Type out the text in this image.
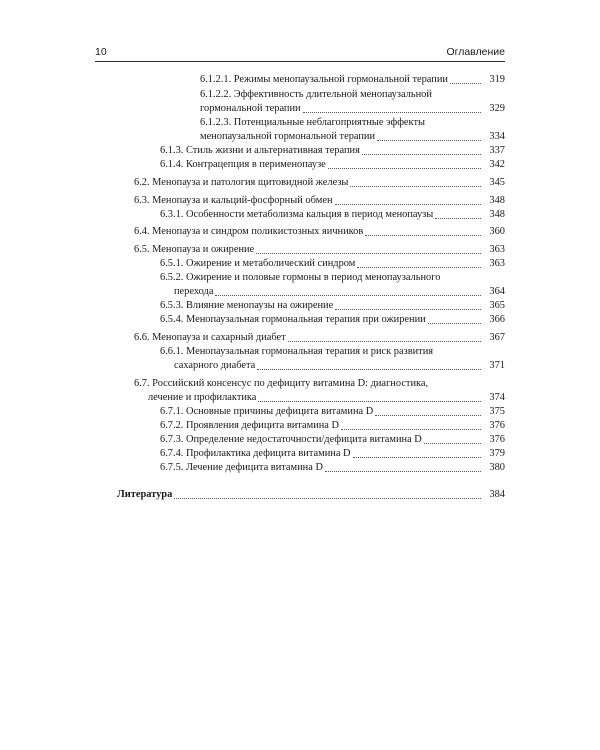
10	Оглавление
6.1.2.1. Режимы менопаузальной гормональной терапии	319
6.1.2.2. Эффективность длительной менопаузальной
гормональной терапии	329
6.1.2.3. Потенциальные неблагоприятные эффекты
менопаузальной гормональной терапии	334
6.1.3. Стиль жизни и альтернативная терапия	337
6.1.4. Контрацепция в перименопаузе	342
6.2. Менопауза и патология щитовидной железы	345
6.3. Менопауза и кальций-фосфорный обмен	348
6.3.1. Особенности метаболизма кальция в период менопаузы	348
6.4. Менопауза и синдром поликистозных яичников	360
6.5. Менопауза и ожирение	363
6.5.1. Ожирение и метаболический синдром	363
6.5.2. Ожирение и половые гормоны в период менопаузального
перехода	364
6.5.3. Влияние менопаузы на ожирение	365
6.5.4. Менопаузальная гормональная терапия при ожирении	366
6.6. Менопауза и сахарный диабет	367
6.6.1. Менопаузальная гормональная терапия и риск развития
сахарного диабета	371
6.7. Российский консенсус по дефициту витамина D: диагностика,
лечение и профилактика	374
6.7.1. Основные причины дефицита витамина D	375
6.7.2. Проявления дефицита витамина D	376
6.7.3. Определение недостаточности/дефицита витамина D	376
6.7.4. Профилактика дефицита витамина D	379
6.7.5. Лечение дефицита витамина D	380
Литература	384
